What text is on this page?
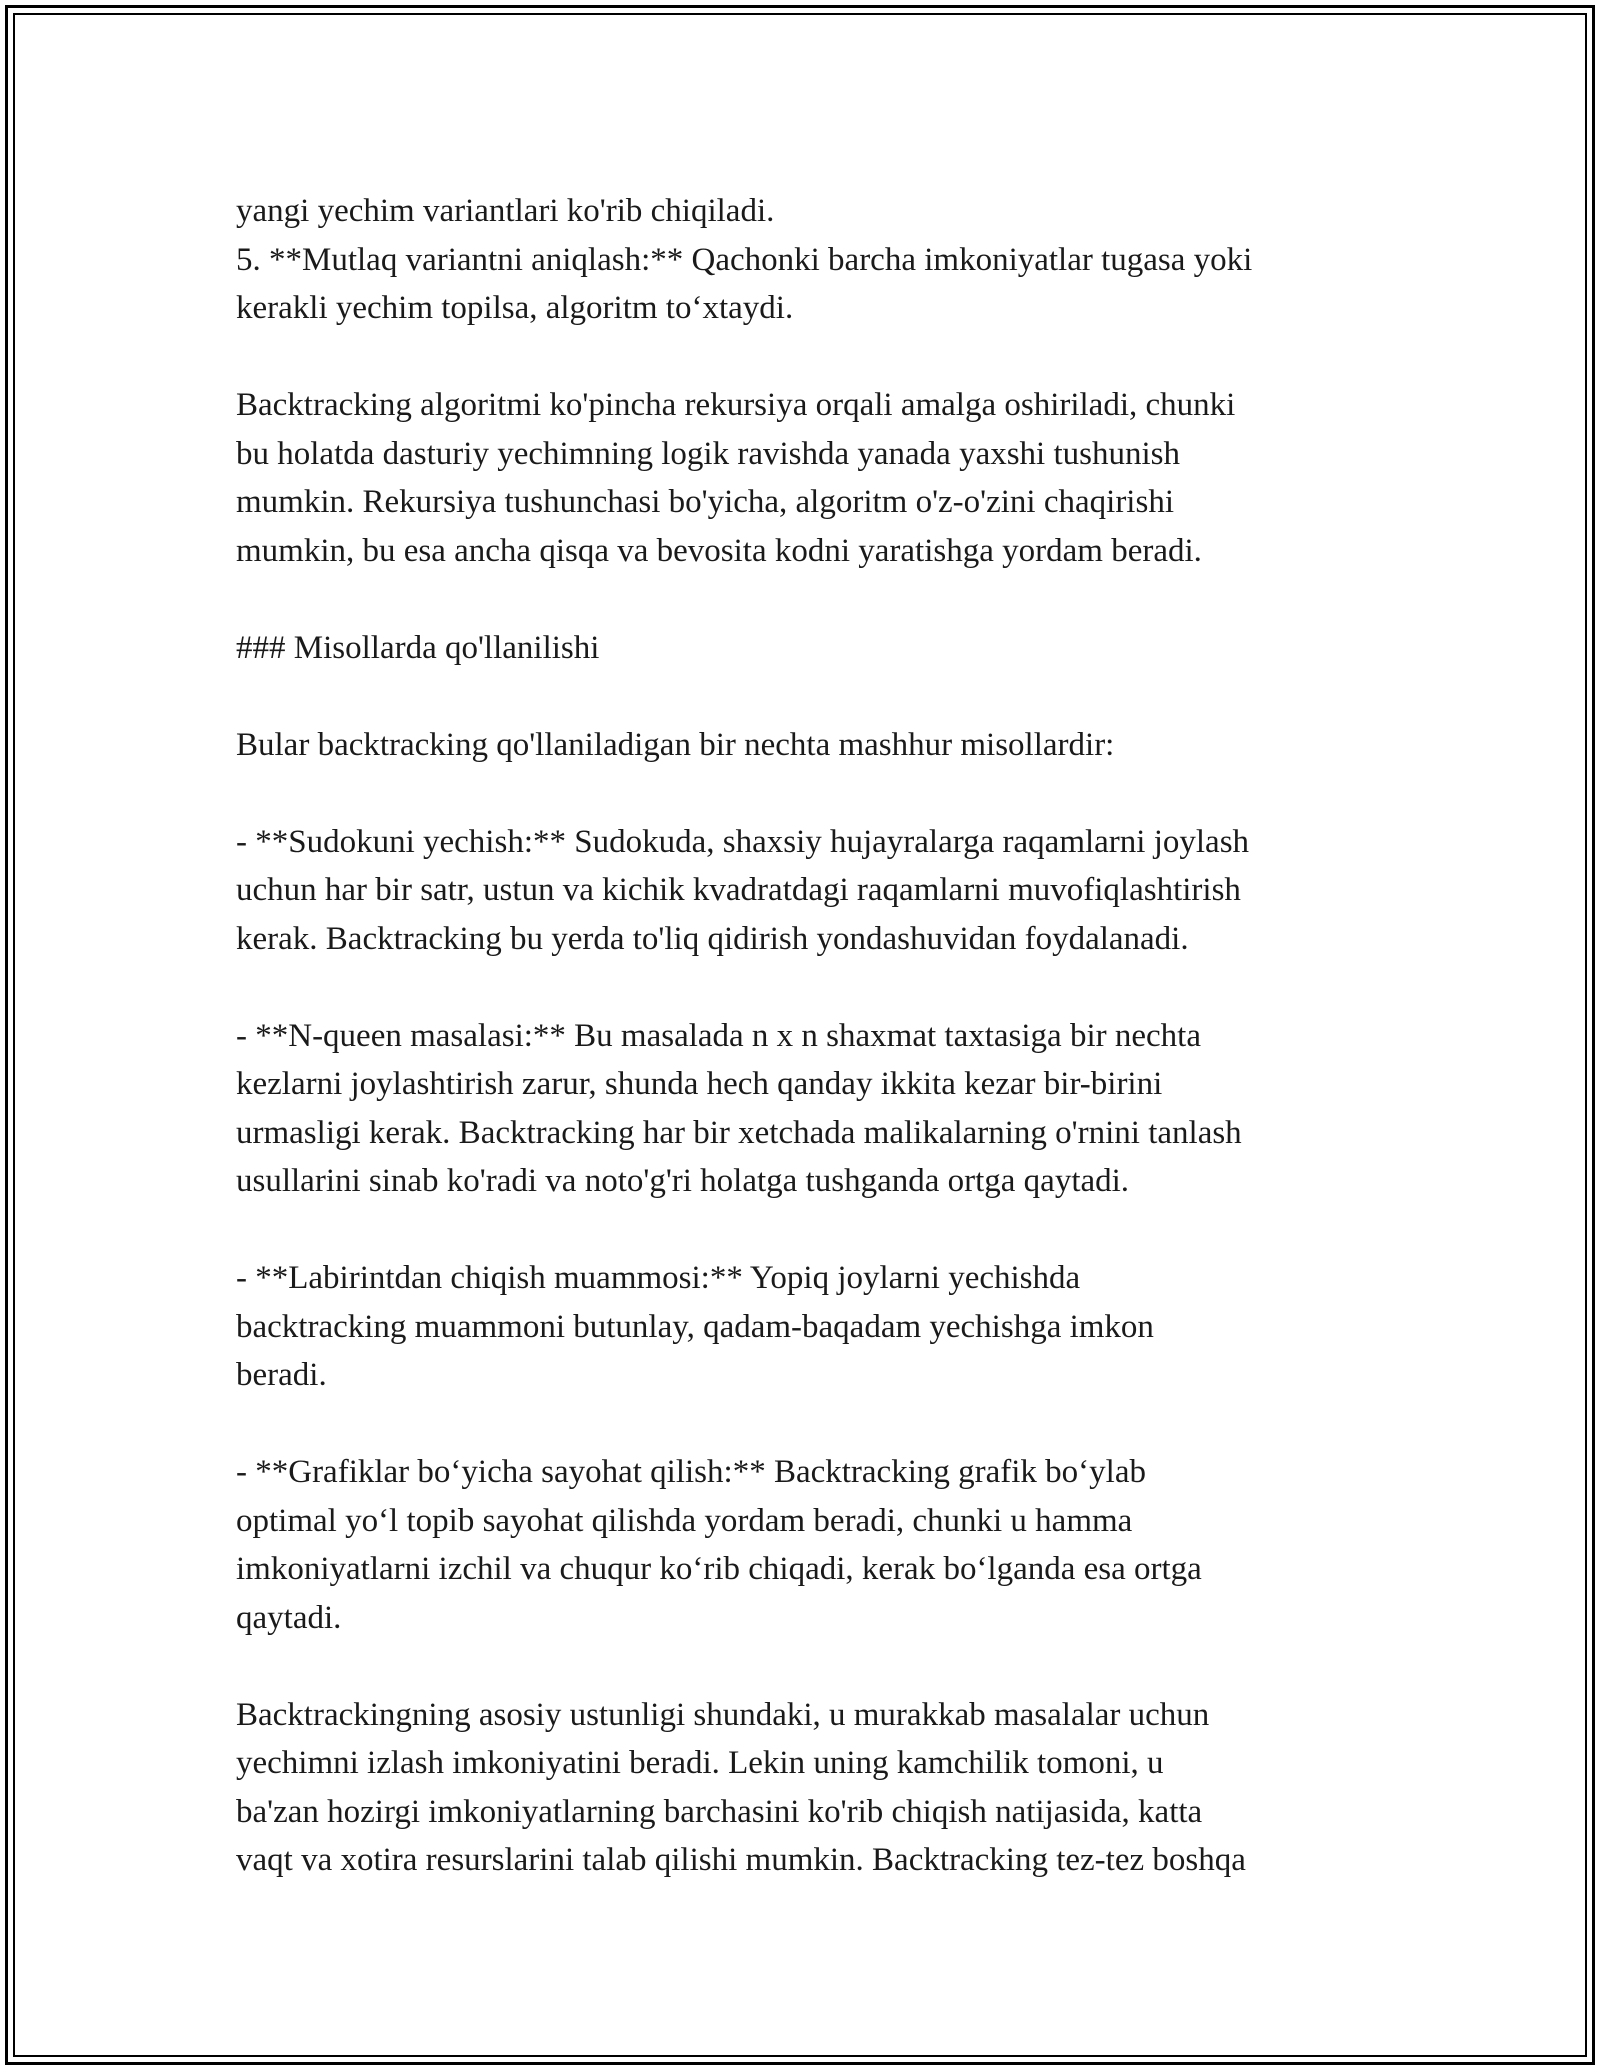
yangi yechim variantlari ko'rib chiqiladi.
5. **Mutlaq variantni aniqlash:** Qachonki barcha imkoniyatlar tugasa yoki
kerakli yechim topilsa, algoritm to‘xtaydi.

Backtracking algoritmi ko'pincha rekursiya orqali amalga oshiriladi, chunki
bu holatda dasturiy yechimning logik ravishda yanada yaxshi tushunish
mumkin. Rekursiya tushunchasi bo'yicha, algoritm o'z-o'zini chaqirishi
mumkin, bu esa ancha qisqa va bevosita kodni yaratishga yordam beradi.

### Misollarda qo'llanilishi

Bular backtracking qo'llaniladigan bir nechta mashhur misollardir:

- **Sudokuni yechish:** Sudokuda, shaxsiy hujayralarga raqamlarni joylash
uchun har bir satr, ustun va kichik kvadratdagi raqamlarni muvofiqlashtirish
kerak. Backtracking bu yerda to'liq qidirish yondashuvidan foydalanadi.

- **N-queen masalasi:** Bu masalada n x n shaxmat taxtasiga bir nechta
kezlarni joylashtirish zarur, shunda hech qanday ikkita kezar bir-birini
urmasligi kerak. Backtracking har bir xetchada malikalarning o'rnini tanlash
usullarini sinab ko'radi va noto'g'ri holatga tushganda ortga qaytadi.

- **Labirintdan chiqish muammosi:** Yopiq joylarni yechishda
backtracking muammoni butunlay, qadam-baqadam yechishga imkon
beradi.

- **Grafiklar bo‘yicha sayohat qilish:** Backtracking grafik bo‘ylab
optimal yo‘l topib sayohat qilishda yordam beradi, chunki u hamma
imkoniyatlarni izchil va chuqur ko‘rib chiqadi, kerak bo‘lganda esa ortga
qaytadi.

Backtrackingning asosiy ustunligi shundaki, u murakkab masalalar uchun
yechimni izlash imkoniyatini beradi. Lekin uning kamchilik tomoni, u
ba'zan hozirgi imkoniyatlarning barchasini ko'rib chiqish natijasida, katta
vaqt va xotira resurslarini talab qilishi mumkin. Backtracking tez-tez boshqa
